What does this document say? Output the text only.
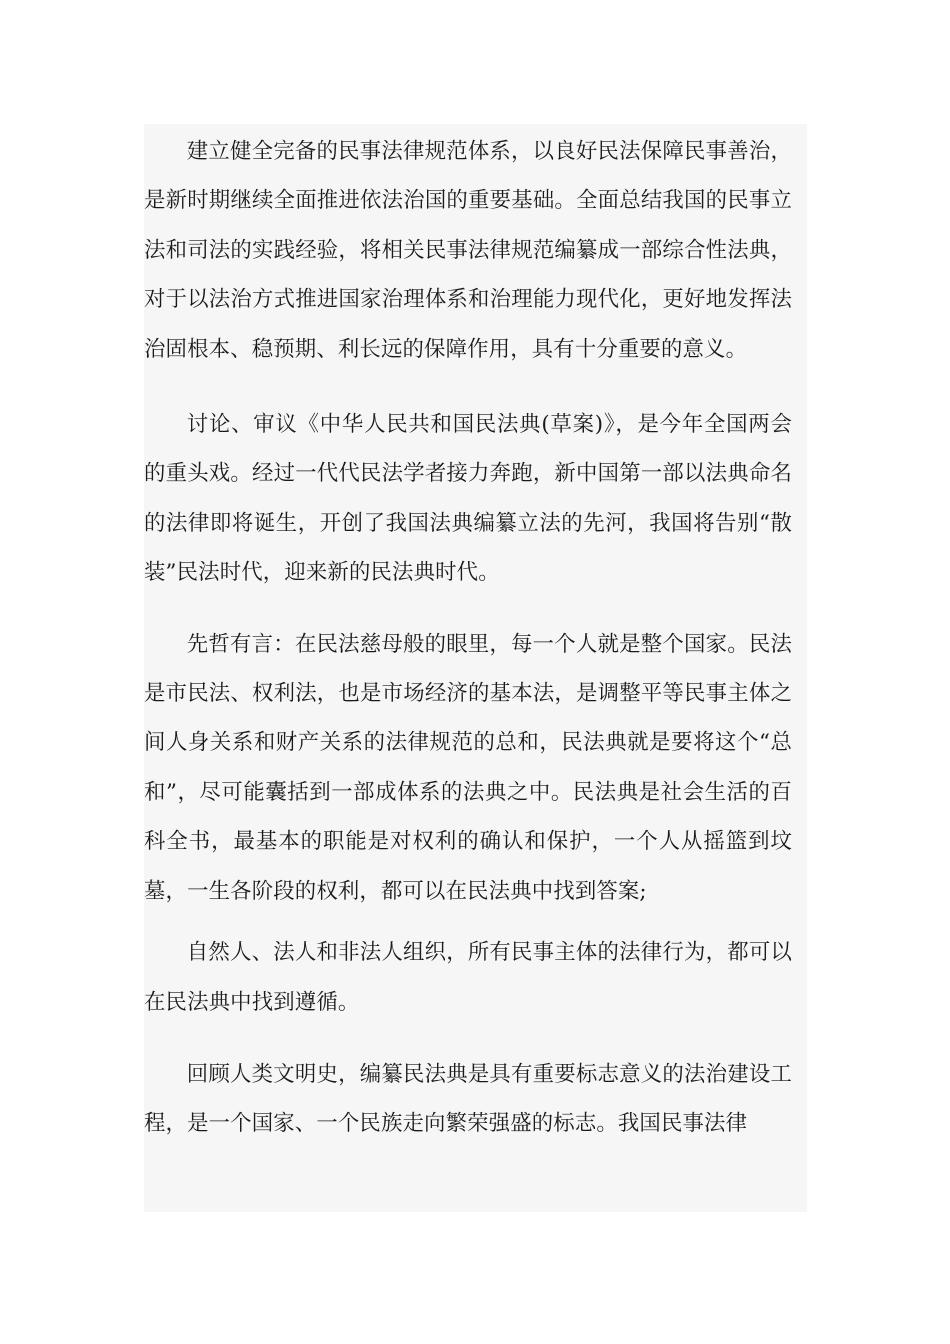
建立健全完备的民事法律规范体系，以良好民法保障民事善治，是新时期继续全面推进依法治国的重要基础。全面总结我国的民事立法和司法的实践经验，将相关民事法律规范编纂成一部综合性法典，对于以法治方式推进国家治理体系和治理能力现代化，更好地发挥法治固根本、稳预期、利长远的保障作用，具有十分重要的意义。

讨论、审议《中华人民共和国民法典(草案)》，是今年全国两会的重头戏。经过一代代民法学者接力奔跑，新中国第一部以法典命名的法律即将诞生，开创了我国法典编纂立法的先河，我国将告别“散装”民法时代，迎来新的民法典时代。

先哲有言：在民法慈母般的眼里，每一个人就是整个国家。民法是市民法、权利法，也是市场经济的基本法，是调整平等民事主体之间人身关系和财产关系的法律规范的总和，民法典就是要将这个“总和”，尽可能囊括到一部成体系的法典之中。民法典是社会生活的百科全书，最基本的职能是对权利的确认和保护，一个人从摇篮到坟墓，一生各阶段的权利，都可以在民法典中找到答案;

自然人、法人和非法人组织，所有民事主体的法律行为，都可以在民法典中找到遵循。

回顾人类文明史，编纂民法典是具有重要标志意义的法治建设工程，是一个国家、一个民族走向繁荣强盛的标志。我国民事法律
